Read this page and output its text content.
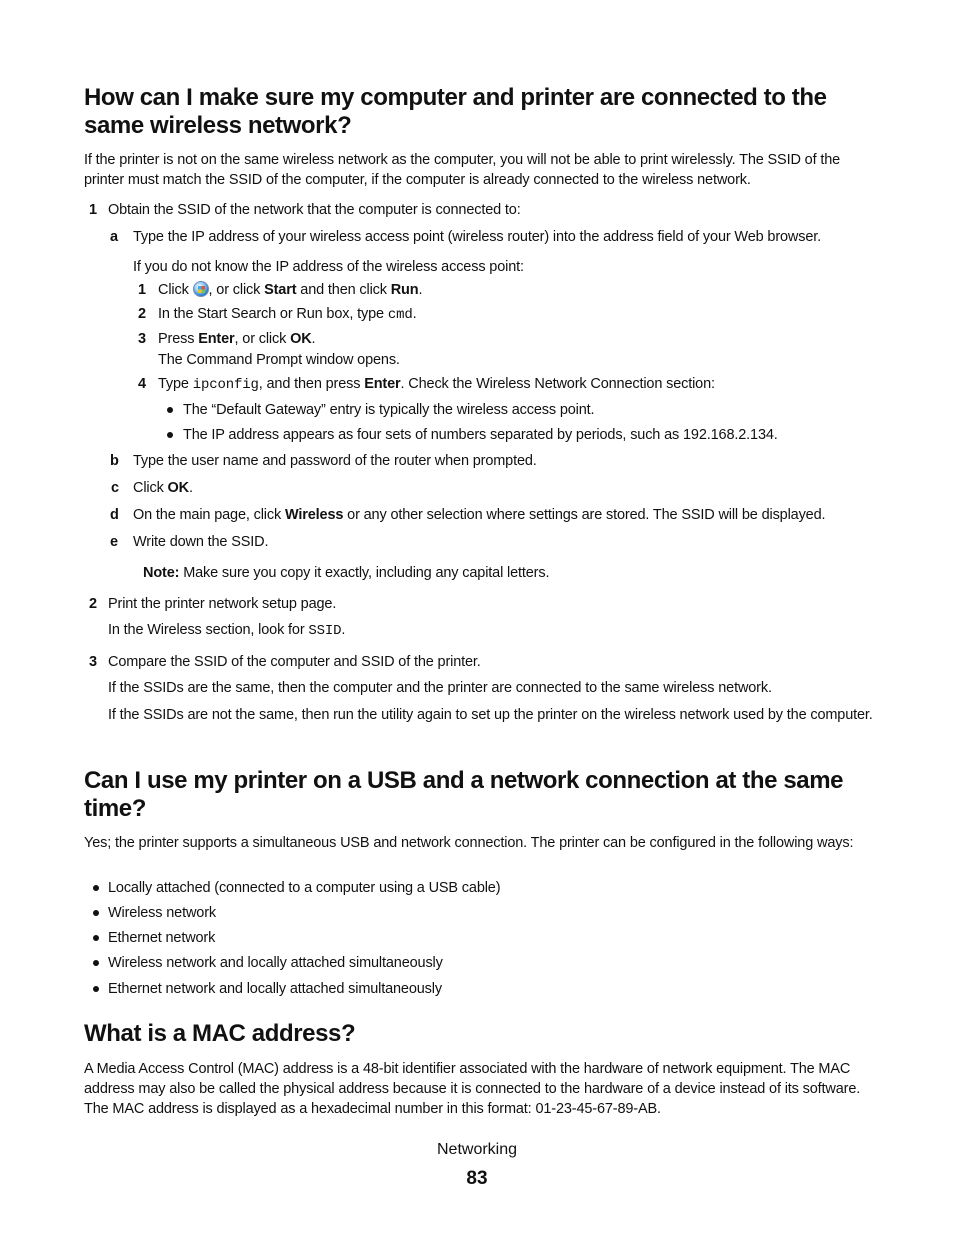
How can I make sure my computer and printer are connected to the same wireless network?
If the printer is not on the same wireless network as the computer, you will not be able to print wirelessly. The SSID of the printer must match the SSID of the computer, if the computer is already connected to the wireless network.
1 Obtain the SSID of the network that the computer is connected to:
a Type the IP address of your wireless access point (wireless router) into the address field of your Web browser.
If you do not know the IP address of the wireless access point:
1 Click , or click Start and then click Run.
2 In the Start Search or Run box, type cmd.
3 Press Enter, or click OK.
The Command Prompt window opens.
4 Type ipconfig, and then press Enter. Check the Wireless Network Connection section:
The “Default Gateway” entry is typically the wireless access point.
The IP address appears as four sets of numbers separated by periods, such as 192.168.2.134.
b Type the user name and password of the router when prompted.
c Click OK.
d On the main page, click Wireless or any other selection where settings are stored. The SSID will be displayed.
e Write down the SSID.
Note: Make sure you copy it exactly, including any capital letters.
2 Print the printer network setup page.
In the Wireless section, look for SSID.
3 Compare the SSID of the computer and SSID of the printer.
If the SSIDs are the same, then the computer and the printer are connected to the same wireless network.
If the SSIDs are not the same, then run the utility again to set up the printer on the wireless network used by the computer.
Can I use my printer on a USB and a network connection at the same time?
Yes; the printer supports a simultaneous USB and network connection. The printer can be configured in the following ways:
Locally attached (connected to a computer using a USB cable)
Wireless network
Ethernet network
Wireless network and locally attached simultaneously
Ethernet network and locally attached simultaneously
What is a MAC address?
A Media Access Control (MAC) address is a 48-bit identifier associated with the hardware of network equipment. The MAC address may also be called the physical address because it is connected to the hardware of a device instead of its software. The MAC address is displayed as a hexadecimal number in this format: 01-23-45-67-89-AB.
Networking
83
